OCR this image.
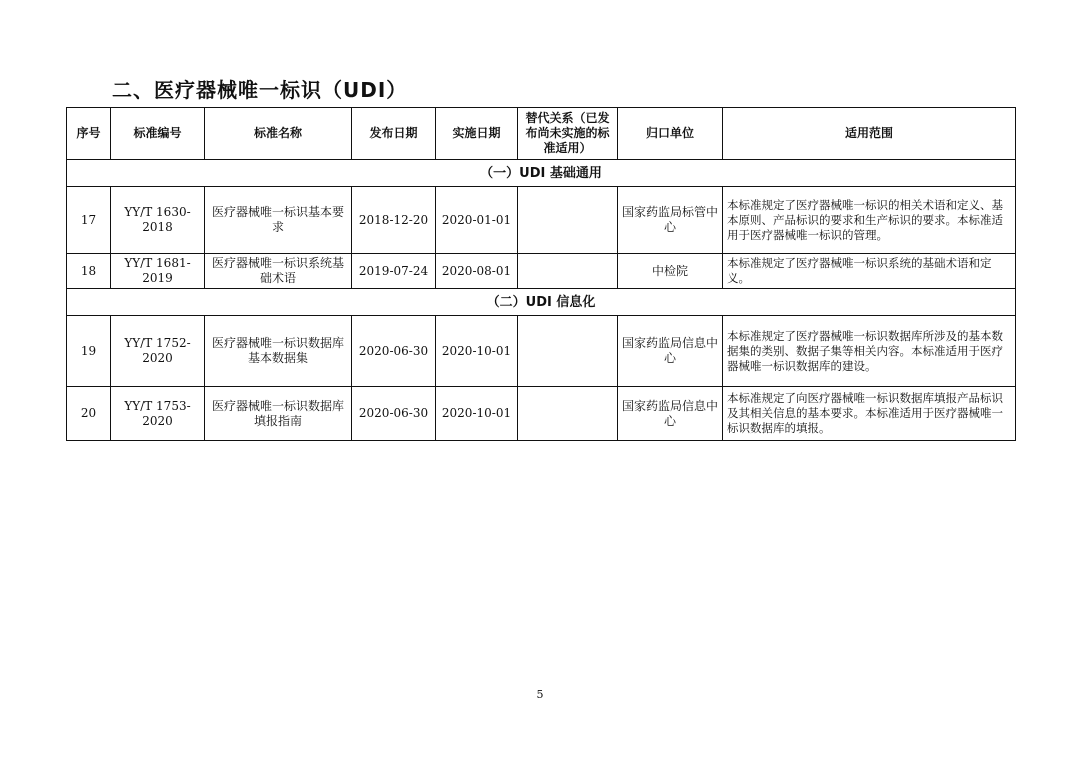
二、医疗器械唯一标识（UDI）
序号	标准编号	标准名称	发布日期	实施日期	替代关系（已发布尚未实施的标准适用）	归口单位	适用范围
（一）UDI 基础通用							
17	YY/T 1630-2018	医疗器械唯一标识基本要求	2018-12-20	2020-01-01		国家药监局标管中心	本标准规定了医疗器械唯一标识的相关术语和定义、基本原则、产品标识的要求和生产标识的要求。本标准适用于医疗器械唯一标识的管理。
18	YY/T 1681-2019	医疗器械唯一标识系统基础术语	2019-07-24	2020-08-01		中检院	本标准规定了医疗器械唯一标识系统的基础术语和定义。
（二）UDI 信息化							
19	YY/T 1752-2020	医疗器械唯一标识数据库基本数据集	2020-06-30	2020-10-01		国家药监局信息中心	本标准规定了医疗器械唯一标识数据库所涉及的基本数据集的类别、数据子集等相关内容。本标准适用于医疗器械唯一标识数据库的建设。
20	YY/T 1753-2020	医疗器械唯一标识数据库填报指南	2020-06-30	2020-10-01		国家药监局信息中心	本标准规定了向医疗器械唯一标识数据库填报产品标识及其相关信息的基本要求。本标准适用于医疗器械唯一标识数据库的填报。
5
